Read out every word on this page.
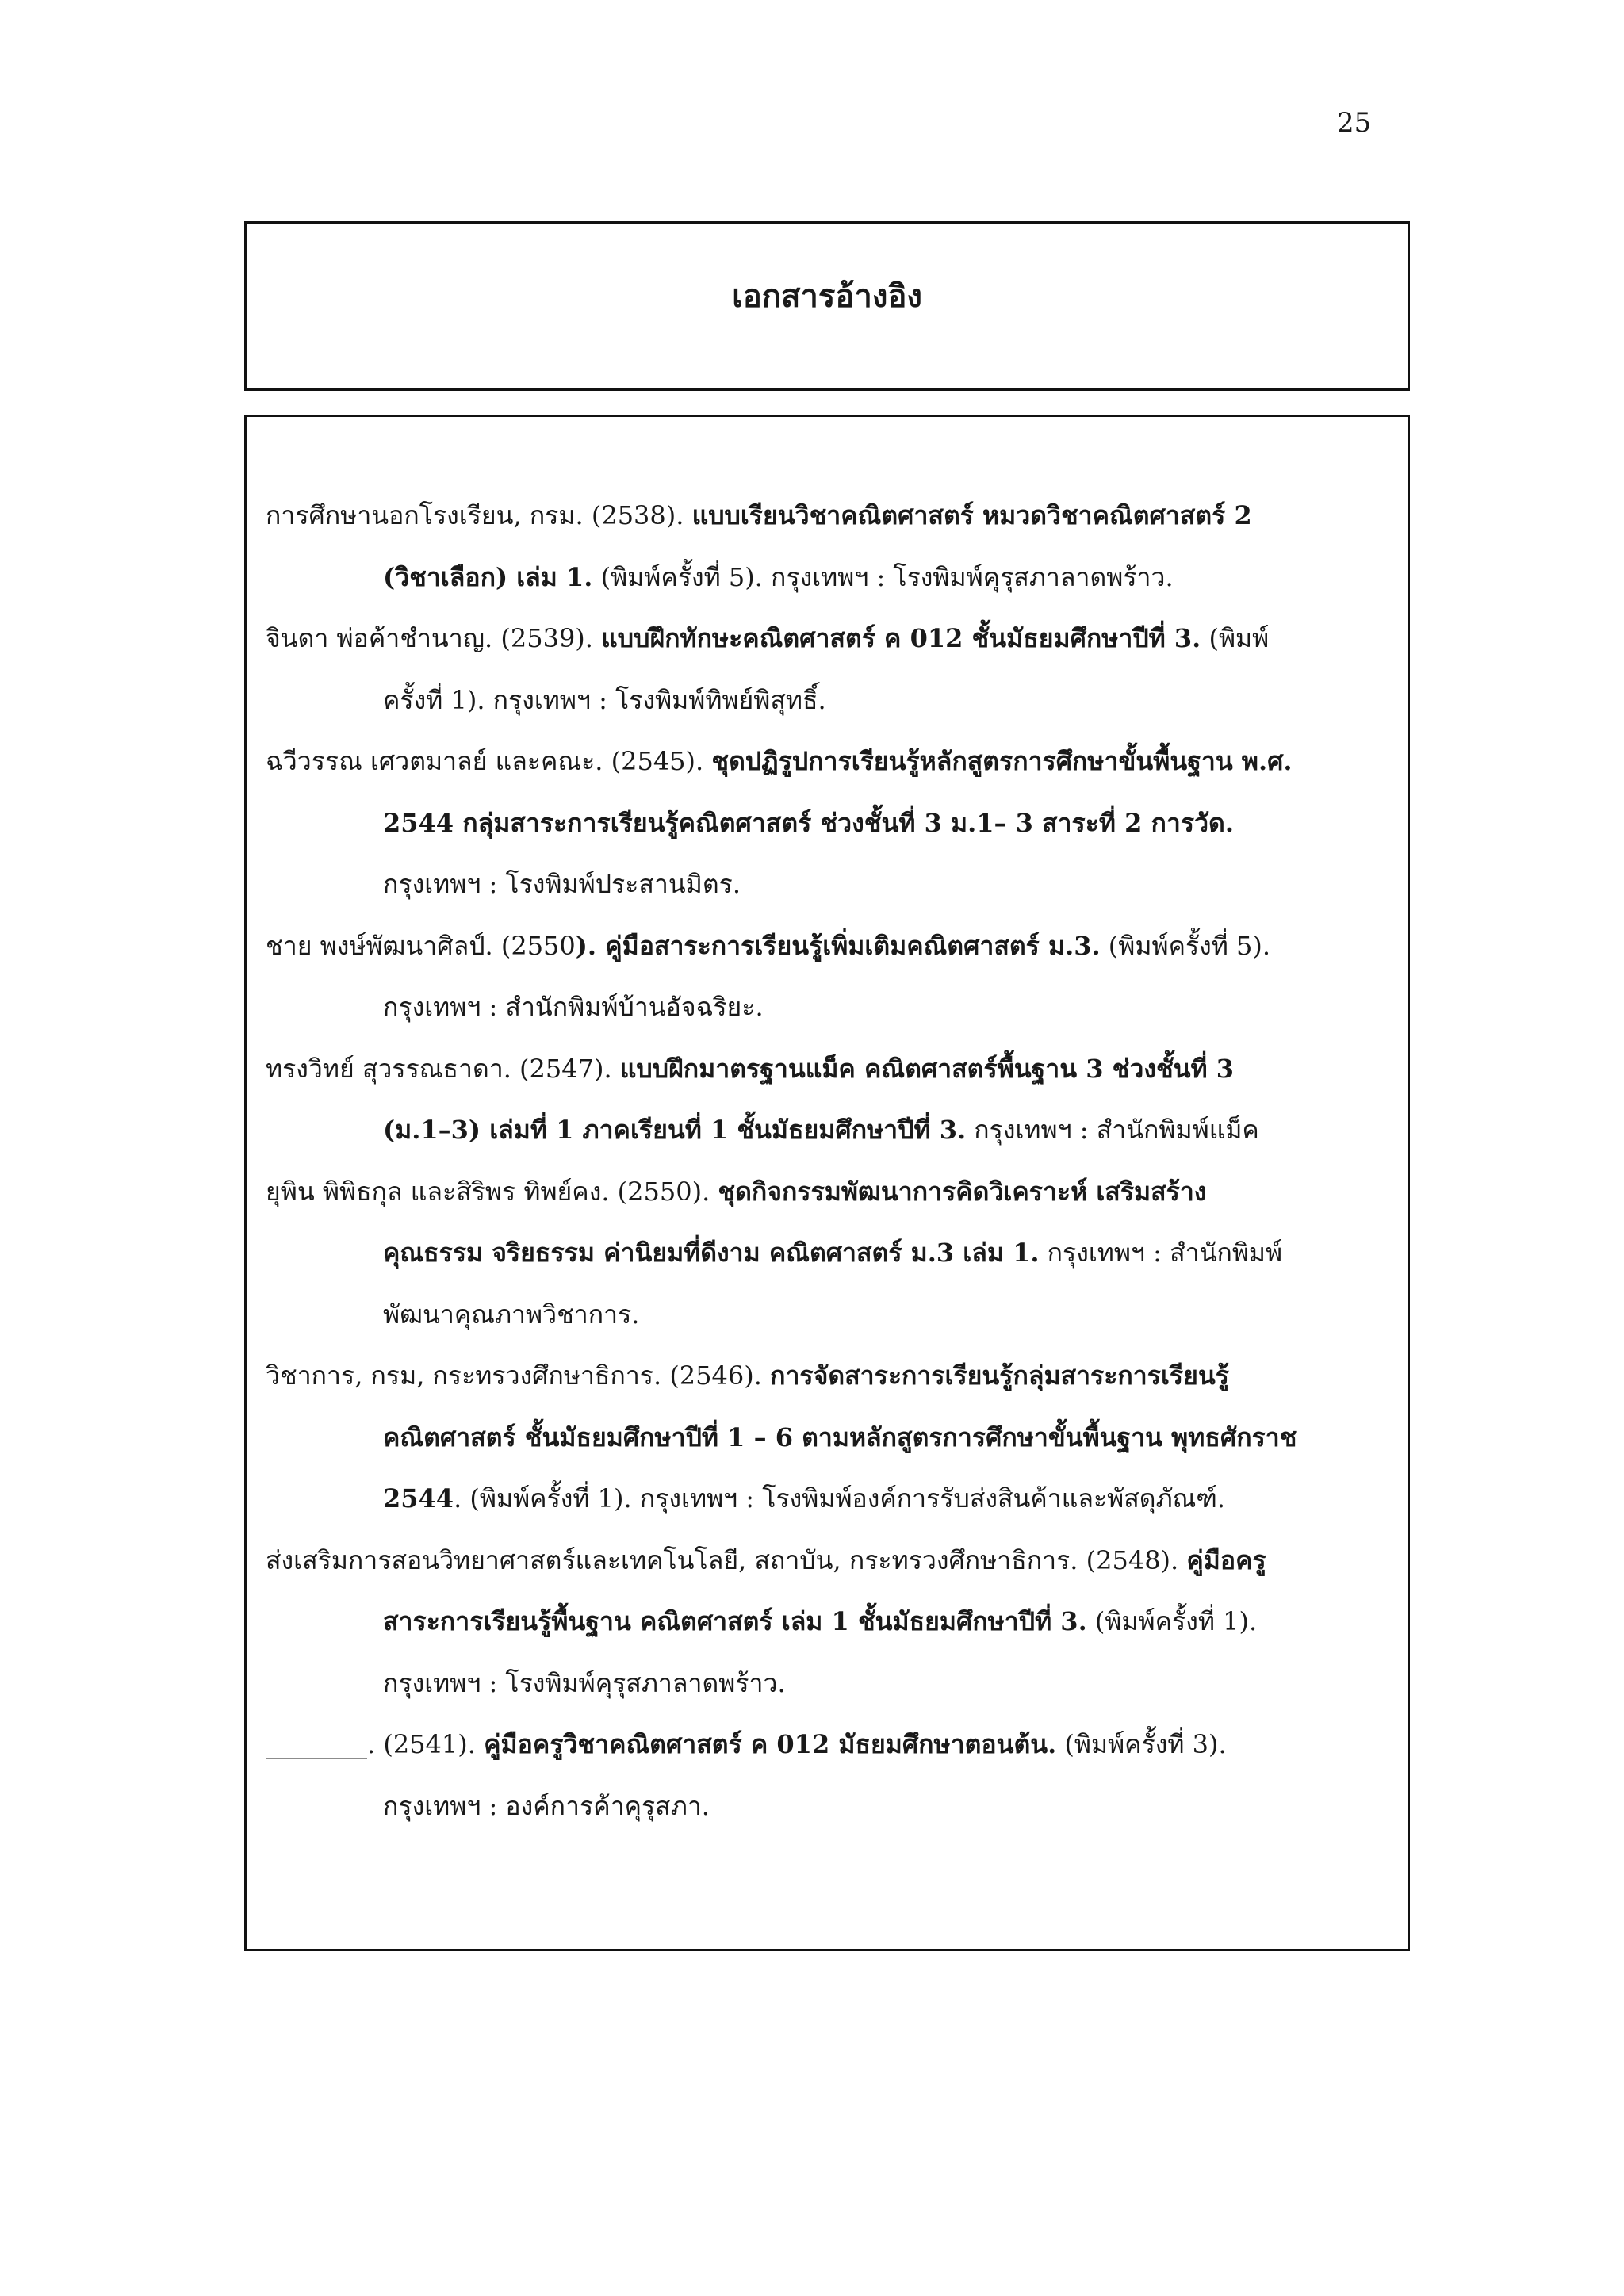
25
เอกสารอ้างอิง
การศึกษานอกโรงเรียน, กรม. (2538). แบบเรียนวิชาคณิตศาสตร์ หมวดวิชาคณิตศาสตร์ 2
(วิชาเลือก) เล่ม 1. (พิมพ์ครั้งที่ 5). กรุงเทพฯ : โรงพิมพ์คุรุสภาลาดพร้าว.
จินดา พ่อค้าชำนาญ. (2539). แบบฝึกทักษะคณิตศาสตร์ ค 012 ชั้นมัธยมศึกษาปีที่ 3. (พิมพ์
ครั้งที่ 1). กรุงเทพฯ : โรงพิมพ์ทิพย์พิสุทธิ์.
ฉวีวรรณ เศวตมาลย์ และคณะ. (2545). ชุดปฏิรูปการเรียนรู้หลักสูตรการศึกษาขั้นพื้นฐาน พ.ศ.
2544 กลุ่มสาระการเรียนรู้คณิตศาสตร์ ช่วงชั้นที่ 3 ม.1– 3 สาระที่ 2 การวัด.
กรุงเทพฯ : โรงพิมพ์ประสานมิตร.
ชาย พงษ์พัฒนาศิลป์. (2550). คู่มือสาระการเรียนรู้เพิ่มเติมคณิตศาสตร์ ม.3. (พิมพ์ครั้งที่ 5).
กรุงเทพฯ : สำนักพิมพ์บ้านอัจฉริยะ.
ทรงวิทย์ สุวรรณธาดา. (2547). แบบฝึกมาตรฐานแม็ค คณิตศาสตร์พื้นฐาน 3 ช่วงชั้นที่ 3
(ม.1–3) เล่มที่ 1 ภาคเรียนที่ 1 ชั้นมัธยมศึกษาปีที่ 3. กรุงเทพฯ : สำนักพิมพ์แม็ค
ยุพิน พิพิธกุล และสิริพร ทิพย์คง. (2550). ชุดกิจกรรมพัฒนาการคิดวิเคราะห์ เสริมสร้าง
คุณธรรม จริยธรรม ค่านิยมที่ดีงาม คณิตศาสตร์ ม.3 เล่ม 1. กรุงเทพฯ : สำนักพิมพ์
พัฒนาคุณภาพวิชาการ.
วิชาการ, กรม, กระทรวงศึกษาธิการ. (2546). การจัดสาระการเรียนรู้กลุ่มสาระการเรียนรู้
คณิตศาสตร์ ชั้นมัธยมศึกษาปีที่ 1 – 6 ตามหลักสูตรการศึกษาขั้นพื้นฐาน พุทธศักราช
2544. (พิมพ์ครั้งที่ 1). กรุงเทพฯ : โรงพิมพ์องค์การรับส่งสินค้าและพัสดุภัณฑ์.
ส่งเสริมการสอนวิทยาศาสตร์และเทคโนโลยี, สถาบัน, กระทรวงศึกษาธิการ. (2548). คู่มือครู
สาระการเรียนรู้พื้นฐาน คณิตศาสตร์ เล่ม 1 ชั้นมัธยมศึกษาปีที่ 3. (พิมพ์ครั้งที่ 1).
กรุงเทพฯ : โรงพิมพ์คุรุสภาลาดพร้าว.
________. (2541). คู่มือครูวิชาคณิตศาสตร์ ค 012 มัธยมศึกษาตอนต้น. (พิมพ์ครั้งที่ 3).
กรุงเทพฯ : องค์การค้าคุรุสภา.
